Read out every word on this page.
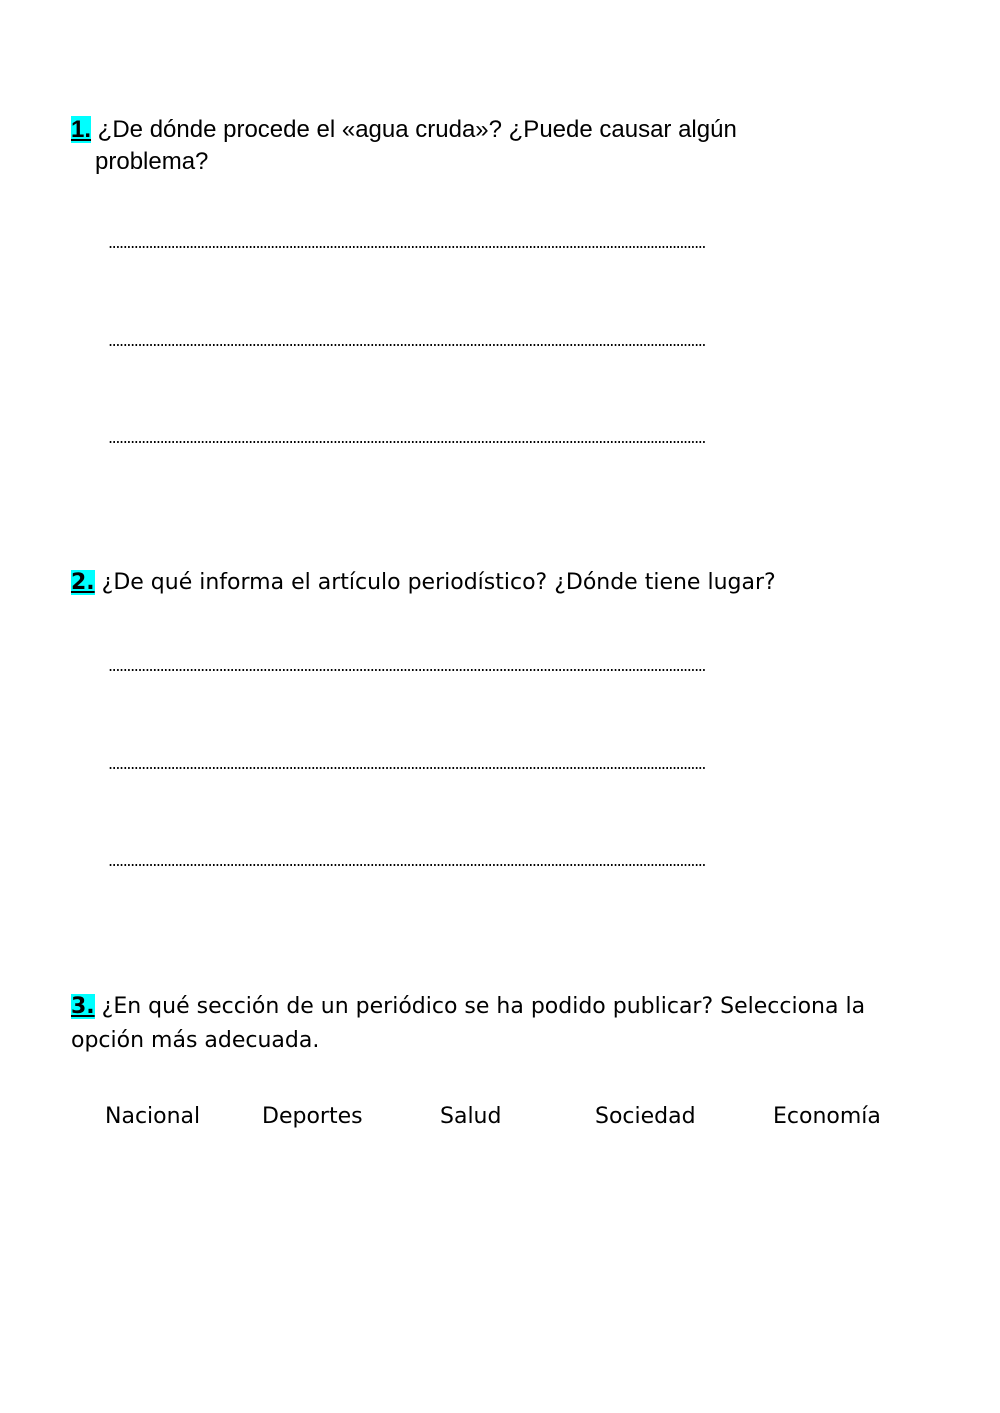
1. ¿De dónde procede el «agua cruda»? ¿Puede causar algún
problema?
..................................................................................................................................................................
..................................................................................................................................................................
..................................................................................................................................................................
2. ¿De qué informa el artículo periodístico? ¿Dónde tiene lugar?
..................................................................................................................................................................
..................................................................................................................................................................
..................................................................................................................................................................
3. ¿En qué sección de un periódico se ha podido publicar? Selecciona la opción más adecuada.
Nacional	Deportes	Salud	Sociedad	Economía
